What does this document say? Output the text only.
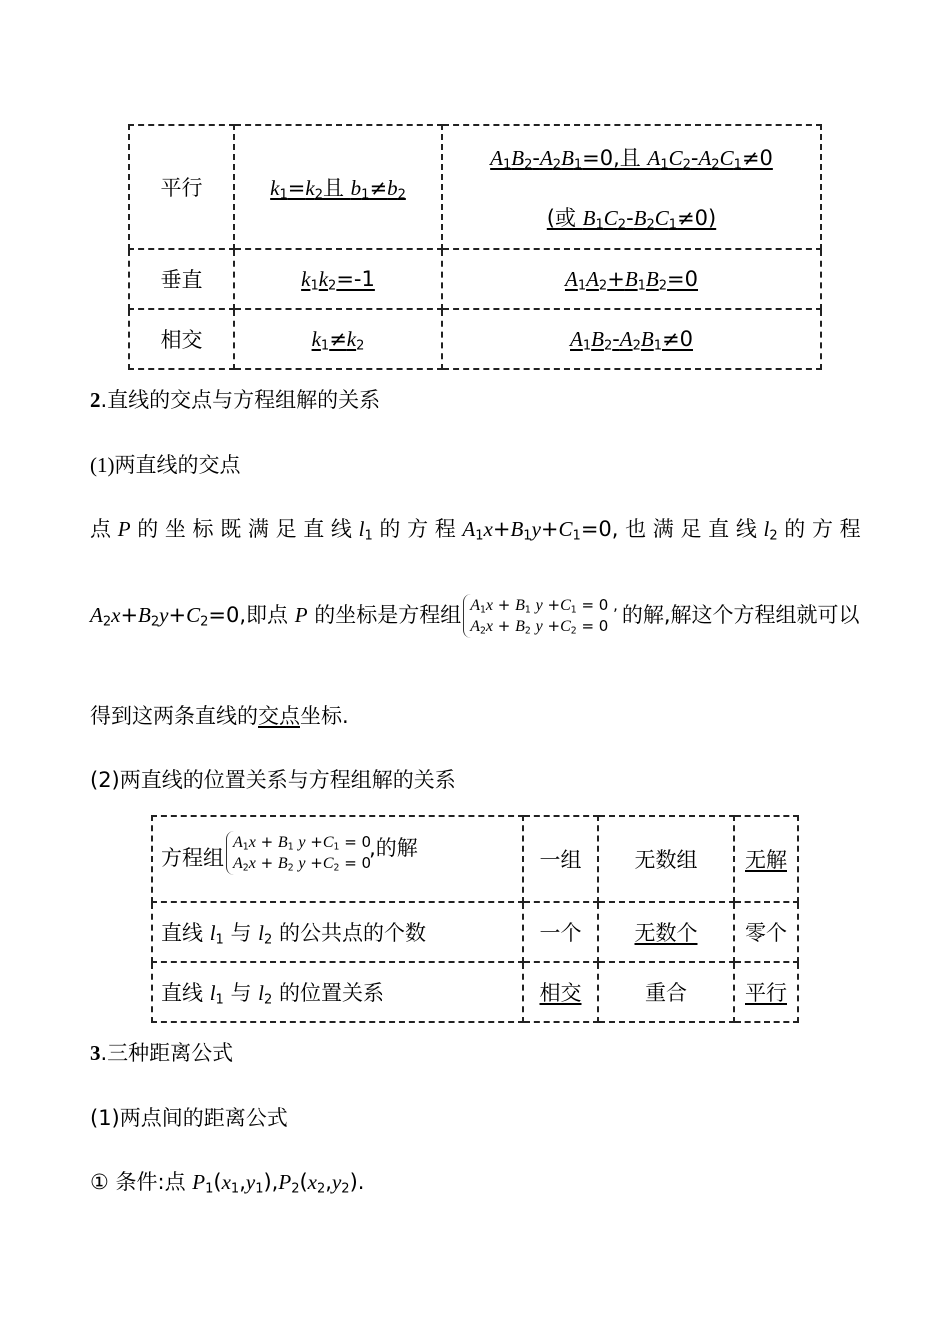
平行	$k_1=k_2$且 $b_1\ne b_2$	$A_1B_2-A_2B_1=0$,且 $A_1C_2-A_2C_1\ne 0$
(或 $B_1C_2-B_2C_1\ne 0$)

垂直	$k_1k_2=-1$	$A_1A_2+B_1B_2=0$
相交	$k_1\ne k_2$	$A_1B_2-A_2B_1\ne 0$
2.直线的交点与方程组解的关系
(1)两直线的交点
点 P 的 坐 标 既 满 足 直 线 $l_1$ 的 方 程 $A_1x+B_1y+C_1=0$, 也 满 足 直 线 $l_2$ 的 方 程
$A_2x+B_2y+C_2=0$,即点 P 的坐标是方程组 $A_1x + B_1$ $y +C_1 = 0$ ,
$A_2x + B_2$ $y +C_2 = 0$ 的解,解这个方程组就可以
得到这两条直线的交点坐标.
(2)两直线的位置关系与方程组解的关系
方程组$A_1x + B_1$ $y +C_1 = 0$
$A_2x + B_2$ $y +C_2 = 0$,的解	一组	无数组	无解
直线 $l_1$ 与 $l_2$ 的公共点的个数	一个	无数个	零个
直线 $l_1$ 与 $l_2$ 的位置关系	相交	重合	平行
3.三种距离公式
(1)两点间的距离公式
① 条件:点 $P_1(x_1,y_1),P_2(x_2,y_2)$.
